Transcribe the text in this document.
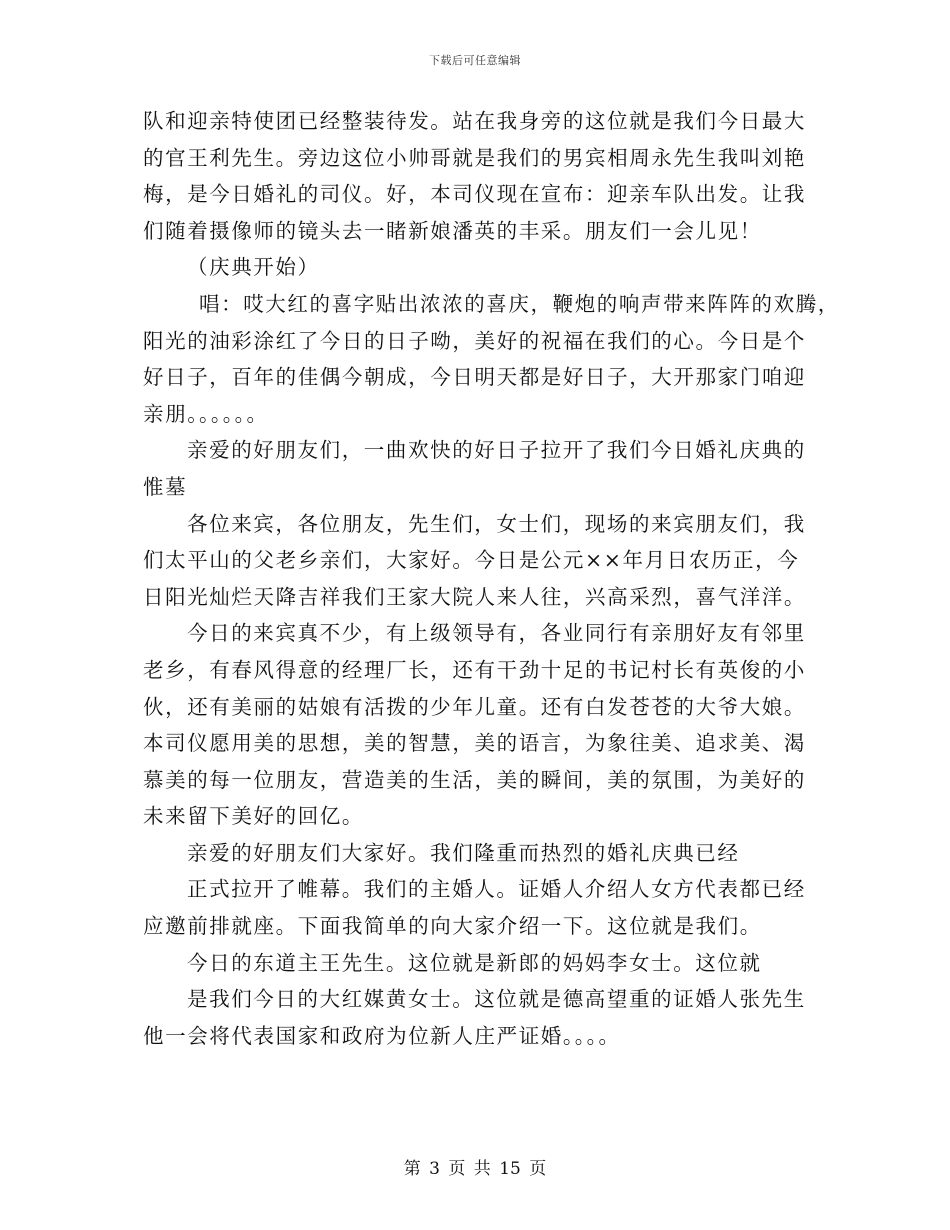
下载后可任意编辑
队和迎亲特使团已经整装待发。站在我身旁的这位就是我们今日最大
的官王利先生。旁边这位小帅哥就是我们的男宾相周永先生我叫刘艳
梅，是今日婚礼的司仪。好，本司仪现在宣布：迎亲车队出发。让我
们随着摄像师的镜头去一睹新娘潘英的丰采。朋友们一会儿见！
（庆典开始）
唱：哎大红的喜字贴出浓浓的喜庆，鞭炮的响声带来阵阵的欢腾，
阳光的油彩涂红了今日的日子呦，美好的祝福在我们的心。今日是个
好日子，百年的佳偶今朝成，今日明天都是好日子，大开那家门咱迎
亲朋。。。。。。
亲爱的好朋友们，一曲欢快的好日子拉开了我们今日婚礼庆典的
惟墓
各位来宾，各位朋友，先生们，女士们，现场的来宾朋友们，我
们太平山的父老乡亲们，大家好。今日是公元××年月日农历正，今
日阳光灿烂天降吉祥我们王家大院人来人往，兴高采烈，喜气洋洋。
今日的来宾真不少，有上级领导有，各业同行有亲朋好友有邻里
老乡，有春风得意的经理厂长，还有干劲十足的书记村长有英俊的小
伙，还有美丽的姑娘有活拨的少年儿童。还有白发苍苍的大爷大娘。
本司仪愿用美的思想，美的智慧，美的语言，为象往美、追求美、渴
慕美的每一位朋友，营造美的生活，美的瞬间，美的氛围，为美好的
未来留下美好的回亿。
亲爱的好朋友们大家好。我们隆重而热烈的婚礼庆典已经
正式拉开了帷幕。我们的主婚人。证婚人介绍人女方代表都已经
应邀前排就座。下面我简单的向大家介绍一下。这位就是我们。
今日的东道主王先生。这位就是新郎的妈妈李女士。这位就
是我们今日的大红媒黄女士。这位就是德高望重的证婚人张先生
他一会将代表国家和政府为位新人庄严证婚。。。。
第 3 页 共 15 页
